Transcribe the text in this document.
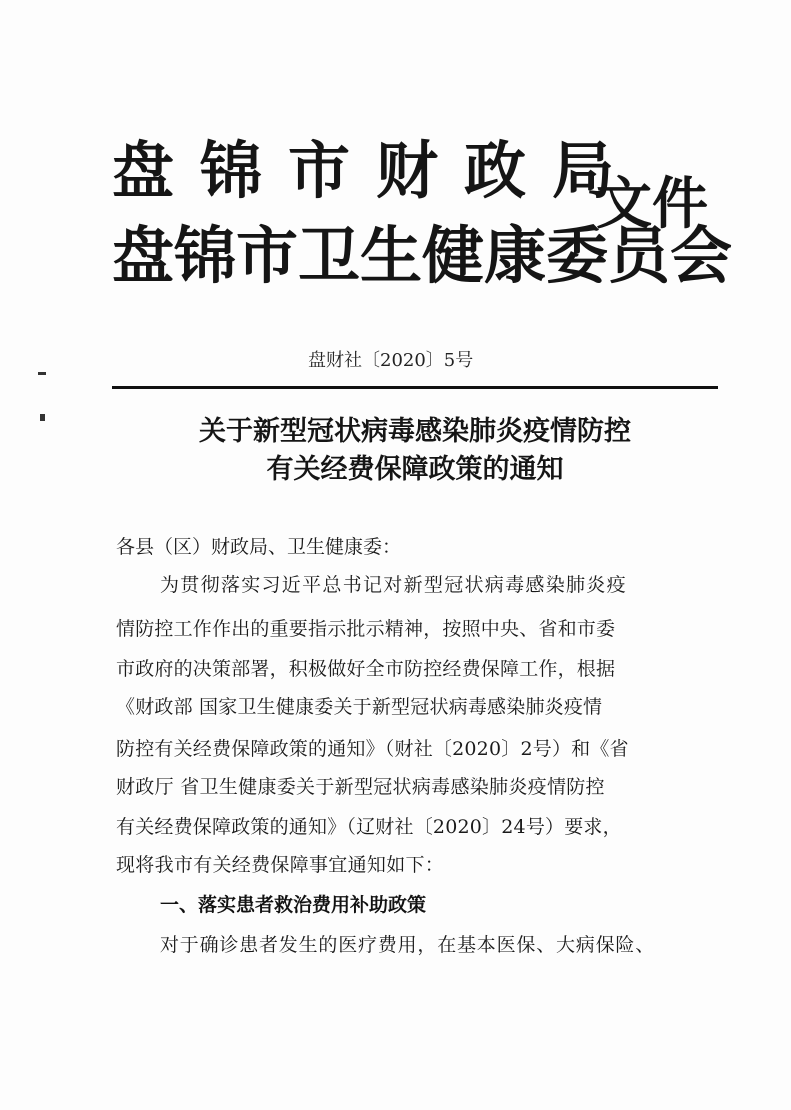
盘锦市财政局
盘锦市卫生健康委员会
文件
盘财社〔2020〕5号
关于新型冠状病毒感染肺炎疫情防控
有关经费保障政策的通知
各县（区）财政局、卫生健康委：
为贯彻落实习近平总书记对新型冠状病毒感染肺炎疫
情防控工作作出的重要指示批示精神，按照中央、省和市委
市政府的决策部署，积极做好全市防控经费保障工作，根据
《财政部 国家卫生健康委关于新型冠状病毒感染肺炎疫情
防控有关经费保障政策的通知》（财社〔2020〕2号）和《省
财政厅 省卫生健康委关于新型冠状病毒感染肺炎疫情防控
有关经费保障政策的通知》（辽财社〔2020〕24号）要求，
现将我市有关经费保障事宜通知如下：
一、落实患者救治费用补助政策
对于确诊患者发生的医疗费用，在基本医保、大病保险、
